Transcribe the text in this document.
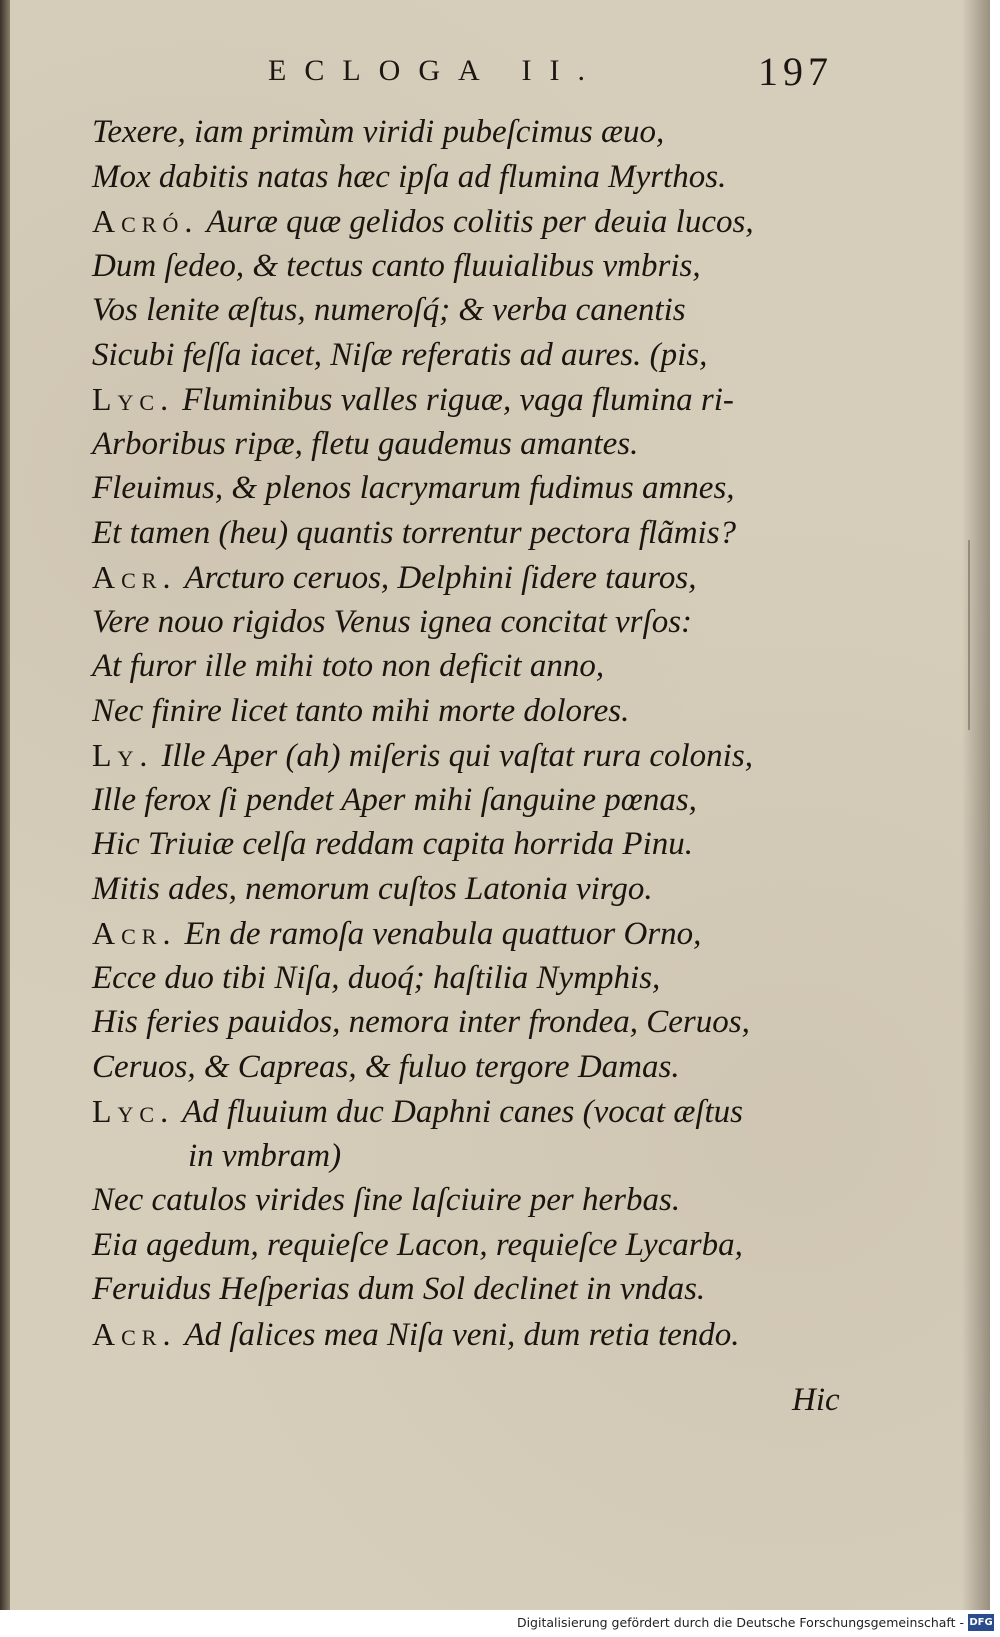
ECLOGA II.	197
Texere, iam primùm viridi pubeſcimus æuo,
Mox dabitis natas hæc ipſa ad flumina Myrthos.
Acró. Auræ quæ gelidos colitis per deuia lucos,
Dum ſedeo, & tectus canto fluuialibus vmbris,
Vos lenite æſtus, numeroſq́; & verba canentis
Sicubi feſſa iacet, Niſæ referatis ad aures. (pis,
Lyc. Fluminibus valles riguæ, vaga flumina ri-
Arboribus ripæ, fletu gaudemus amantes.
Fleuimus, & plenos lacrymarum fudimus amnes,
Et tamen (heu) quantis torrentur pectora flãmis?
Acr. Arcturo ceruos, Delphini ſidere tauros,
Vere nouo rigidos Venus ignea concitat vrſos:
At furor ille mihi toto non deficit anno,
Nec finire licet tanto mihi morte dolores.
Ly. Ille Aper (ah) miſeris qui vaſtat rura colonis,
Ille ferox ſi pendet Aper mihi ſanguine pœnas,
Hic Triuiæ celſa reddam capita horrida Pinu.
Mitis ades, nemorum cuſtos Latonia virgo.
Acr. En de ramoſa venabula quattuor Orno,
Ecce duo tibi Niſa, duoq́; haſtilia Nymphis,
His feries pauidos, nemora inter frondea, Ceruos,
Ceruos, & Capreas, & fuluo tergore Damas.
Lyc. Ad fluuium duc Daphni canes (vocat æſtus
in vmbram)
Nec catulos virides ſine laſciuire per herbas.
Eia agedum, requieſce Lacon, requieſce Lycarba,
Feruidus Heſperias dum Sol declinet in vndas.
Acr. Ad ſalices mea Niſa veni, dum retia tendo.
Hic
Digitalisierung gefördert durch die Deutsche Forschungsgemeinschaft - DFG
